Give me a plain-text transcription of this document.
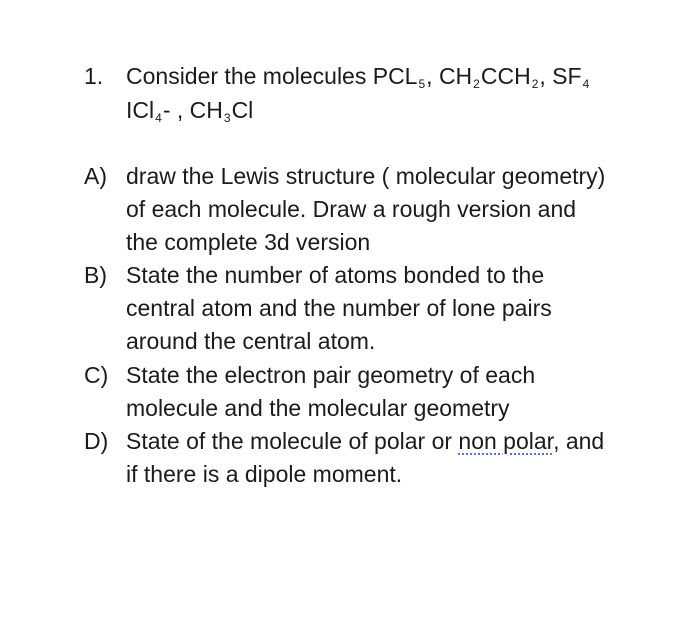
1. Consider the molecules $PCL_5$, $CH_2CCH_2$, $SF_4$
ICl$_4$- , $CH_3Cl$
A) draw the Lewis structure ( molecular geometry)
of each molecule. Draw a rough version and
the complete 3d version
B) State the number of atoms bonded to the
central atom and the number of lone pairs
around the central atom.
C) State the electron pair geometry of each
molecule and the molecular geometry
D) State of the molecule of polar or non polar, and
if there is a dipole moment.
